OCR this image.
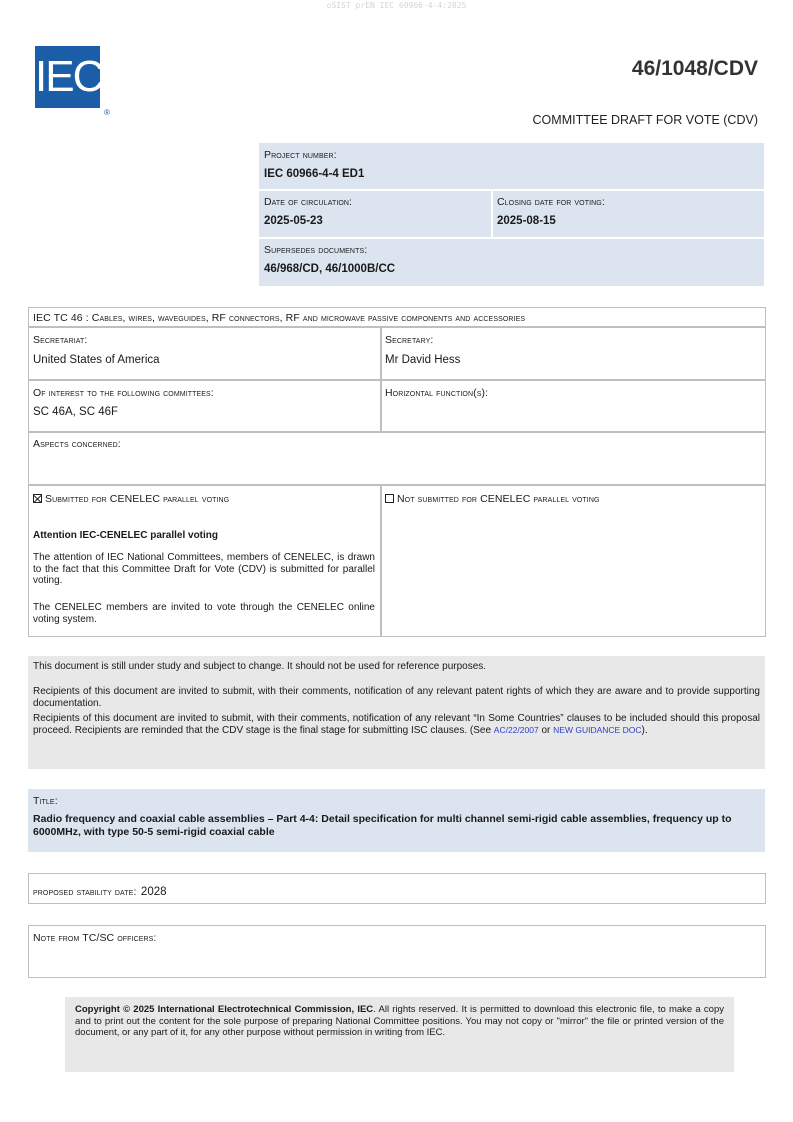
oSIST prEN IEC 60966-4-4:2025
IEC
®
46/1048/CDV
COMMITTEE DRAFT FOR VOTE (CDV)
Project number:
IEC 60966-4-4 ED1
Date of circulation:
2025-05-23
Closing date for voting:
2025-08-15
Supersedes documents:
46/968/CD, 46/1000B/CC
IEC TC 46 : Cables, wires, waveguides, RF connectors, RF and microwave passive components and accessories
Secretariat:
United States of America
Secretary:
Mr David Hess
Of interest to the following committees:
SC 46A, SC 46F
Horizontal function(s):
Aspects concerned:
Submitted for CENELEC parallel voting	Not submitted for CENELEC parallel voting
Attention IEC-CENELEC parallel voting
The attention of IEC National Committees, members of CENELEC, is drawn to the fact that this Committee Draft for Vote (CDV) is submitted for parallel voting.
The CENELEC members are invited to vote through the CENELEC online voting system.
This document is still under study and subject to change. It should not be used for reference purposes.
Recipients of this document are invited to submit, with their comments, notification of any relevant patent rights of which they are aware and to provide supporting documentation.
Recipients of this document are invited to submit, with their comments, notification of any relevant “In Some Countries” clauses to be included should this proposal proceed. Recipients are reminded that the CDV stage is the final stage for submitting ISC clauses. (See AC/22/2007 or NEW GUIDANCE DOC).
Title:
Radio frequency and coaxial cable assemblies – Part 4-4: Detail specification for multi channel semi-rigid cable assemblies, frequency up to 6000MHz, with type 50-5 semi-rigid coaxial cable
proposed stability date: 2028
Note from TC/SC officers:
Copyright © 2025 International Electrotechnical Commission, IEC. All rights reserved. It is permitted to download this electronic file, to make a copy and to print out the content for the sole purpose of preparing National Committee positions. You may not copy or "mirror" the file or printed version of the document, or any part of it, for any other purpose without permission in writing from IEC.
